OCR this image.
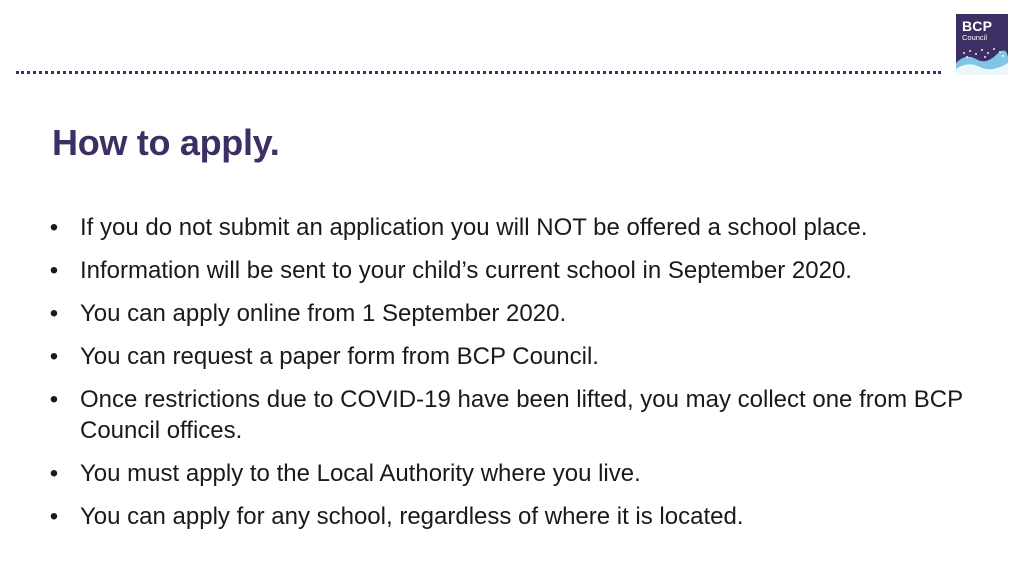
BCP
Council
How to apply.
• If you do not submit an application you will NOT be offered a school place.
• Information will be sent to your child’s current school in September 2020.
• You can apply online from 1 September 2020.
• You can request a paper form from BCP Council.
• Once restrictions due to COVID-19 have been lifted, you may collect one from BCP Council offices.
• You must apply to the Local Authority where you live.
• You can apply for any school, regardless of where it is located.
